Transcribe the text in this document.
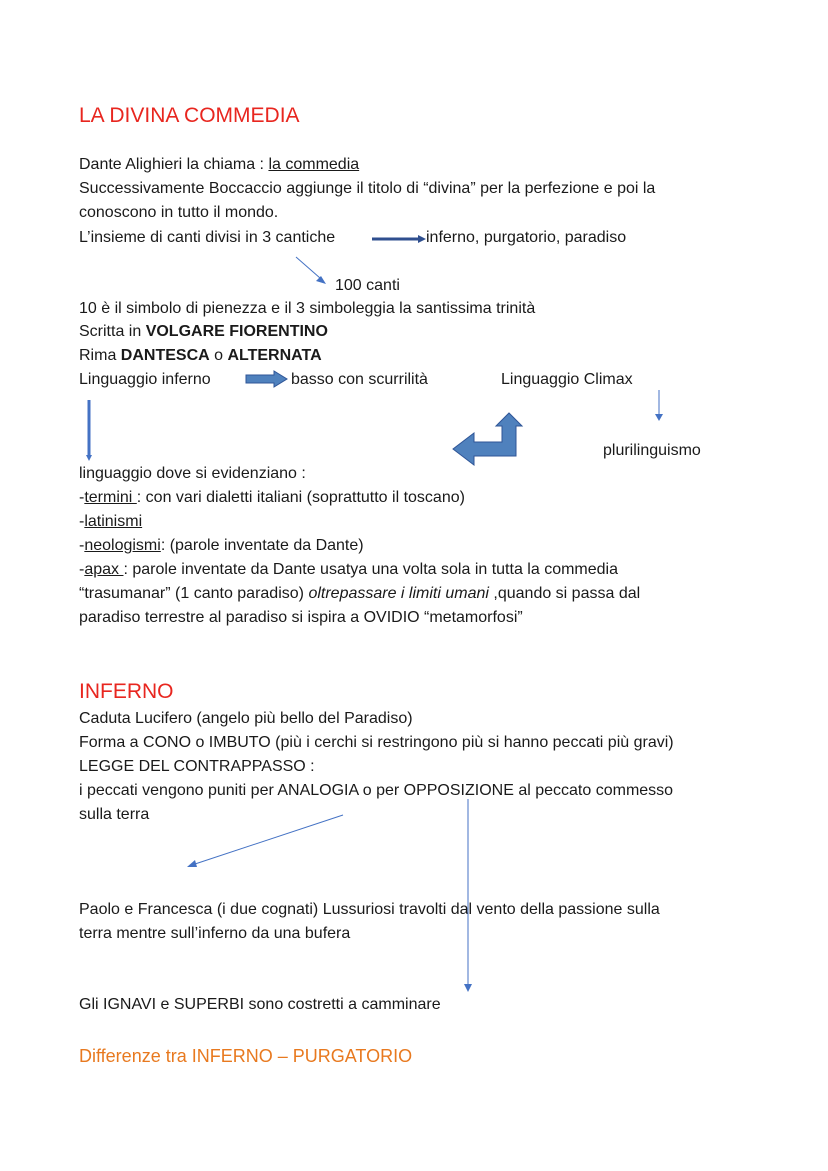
LA DIVINA COMMEDIA
Dante Alighieri la chiama : la commedia
Successivamente Boccaccio aggiunge il titolo di “divina” per la perfezione e poi la
conoscono in tutto il mondo.
L’insieme di canti divisi in 3 cantiche	inferno, purgatorio, paradiso
100 canti
10 è il simbolo di pienezza e il 3 simboleggia la santissima trinità
Scritta in VOLGARE FIORENTINO
Rima DANTESCA o ALTERNATA
Linguaggio inferno	basso con scurrilità	Linguaggio Climax
plurilinguismo
linguaggio dove si evidenziano :
-termini : con vari dialetti italiani (soprattutto il toscano)
-latinismi
-neologismi: (parole inventate da Dante)
-apax : parole inventate da Dante usatya una volta sola in tutta la commedia
“trasumanar” (1 canto paradiso) oltrepassare i limiti umani ,quando si passa dal
paradiso terrestre al paradiso si ispira a OVIDIO “metamorfosi”
INFERNO
Caduta Lucifero (angelo più bello del Paradiso)
Forma a CONO o IMBUTO (più i cerchi si restringono più si hanno peccati più gravi)
LEGGE DEL CONTRAPPASSO :
i peccati vengono puniti per ANALOGIA o per OPPOSIZIONE al peccato commesso
sulla terra
Paolo e Francesca (i due cognati) Lussuriosi travolti dal vento della passione sulla
terra mentre sull’inferno da una bufera
Gli IGNAVI e SUPERBI sono costretti a camminare
Differenze tra INFERNO – PURGATORIO
